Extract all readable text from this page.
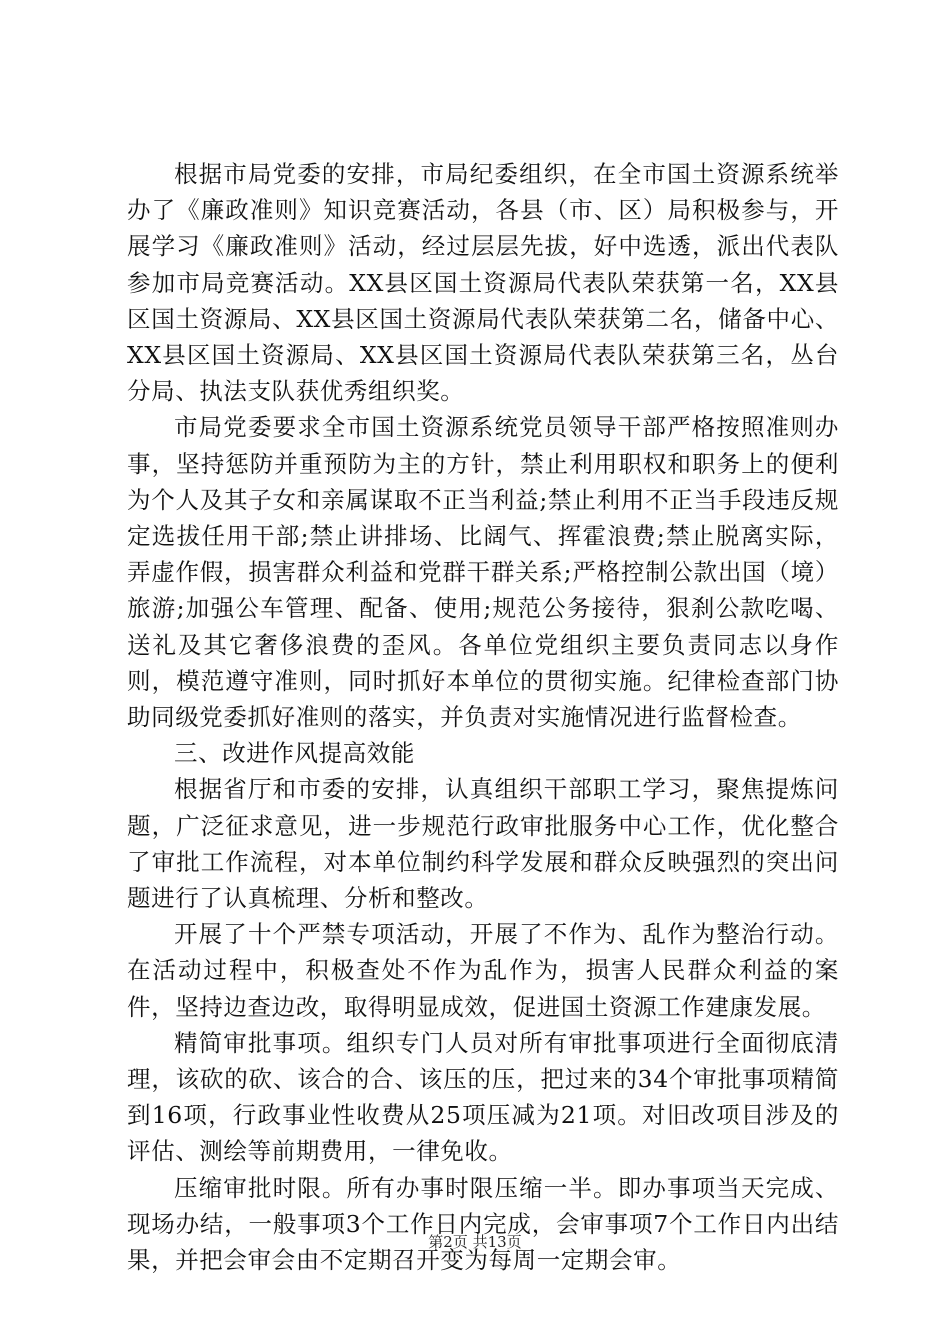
根据市局党委的安排，市局纪委组织，在全市国土资源系统举办了《廉政准则》知识竞赛活动，各县（市、区）局积极参与，开展学习《廉政准则》活动，经过层层先拔，好中选透，派出代表队参加市局竞赛活动。XX县区国土资源局代表队荣获第一名，XX县区国土资源局、XX县区国土资源局代表队荣获第二名，储备中心、XX县区国土资源局、XX县区国土资源局代表队荣获第三名，丛台分局、执法支队获优秀组织奖。

市局党委要求全市国土资源系统党员领导干部严格按照准则办事，坚持惩防并重预防为主的方针，禁止利用职权和职务上的便利为个人及其子女和亲属谋取不正当利益;禁止利用不正当手段违反规定选拔任用干部;禁止讲排场、比阔气、挥霍浪费;禁止脱离实际，弄虚作假，损害群众利益和党群干群关系;严格控制公款出国（境）旅游;加强公车管理、配备、使用;规范公务接待，狠刹公款吃喝、送礼及其它奢侈浪费的歪风。各单位党组织主要负责同志以身作则，模范遵守准则，同时抓好本单位的贯彻实施。纪律检查部门协助同级党委抓好准则的落实，并负责对实施情况进行监督检查。

三、改进作风提高效能

根据省厅和市委的安排，认真组织干部职工学习，聚焦提炼问题，广泛征求意见，进一步规范行政审批服务中心工作，优化整合了审批工作流程，对本单位制约科学发展和群众反映强烈的突出问题进行了认真梳理、分析和整改。

开展了十个严禁专项活动，开展了不作为、乱作为整治行动。在活动过程中，积极查处不作为乱作为，损害人民群众利益的案件，坚持边查边改，取得明显成效，促进国土资源工作建康发展。

精简审批事项。组织专门人员对所有审批事项进行全面彻底清理，该砍的砍、该合的合、该压的压，把过来的34个审批事项精简到16项，行政事业性收费从25项压减为21项。对旧改项目涉及的评估、测绘等前期费用，一律免收。

压缩审批时限。所有办事时限压缩一半。即办事项当天完成、现场办结，一般事项3个工作日内完成，会审事项7个工作日内出结果，并把会审会由不定期召开变为每周一定期会审。

第2页 共13页
